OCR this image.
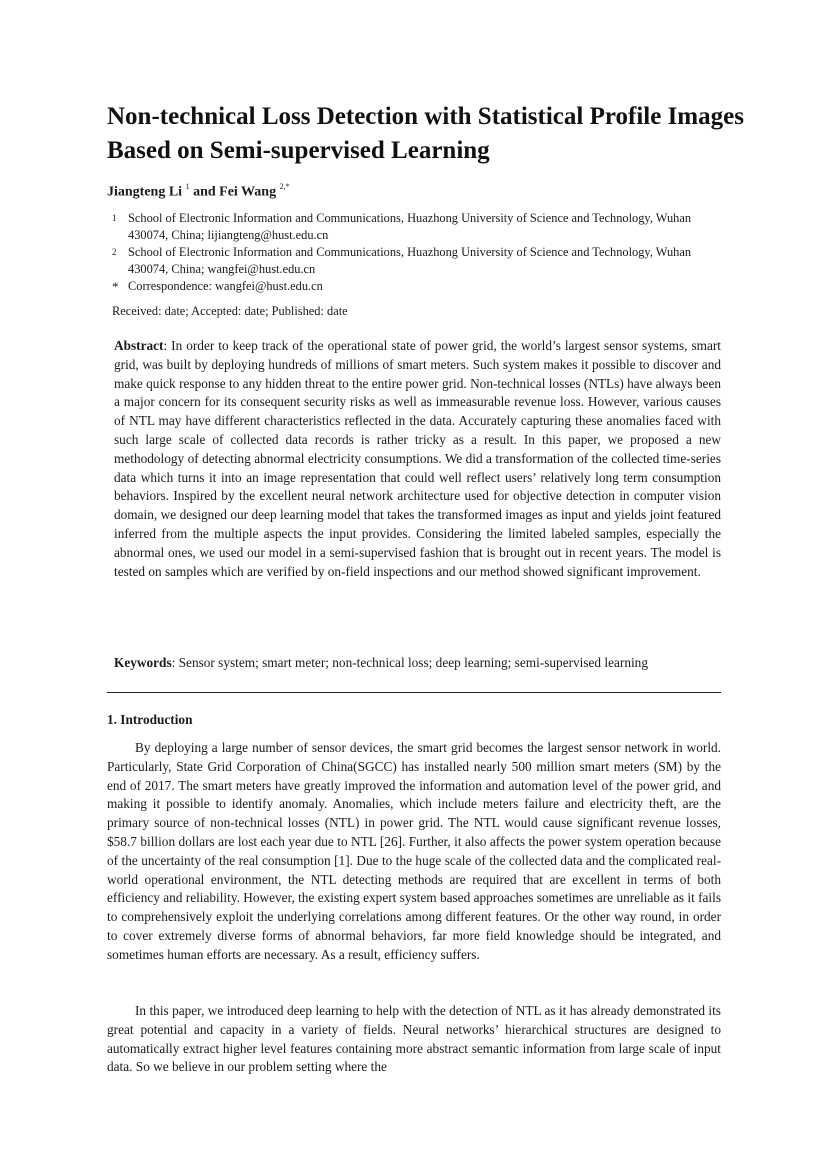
Non-technical Loss Detection with Statistical Profile Images Based on Semi-supervised Learning
Jiangteng Li $^1$ and Fei Wang $^{2,*}$
1 School of Electronic Information and Communications, Huazhong University of Science and Technology, Wuhan 430074, China; lijiangteng@hust.edu.cn
2 School of Electronic Information and Communications, Huazhong University of Science and Technology, Wuhan 430074, China; wangfei@hust.edu.cn
* Correspondence: wangfei@hust.edu.cn
Received: date; Accepted: date; Published: date

Abstract: In order to keep track of the operational state of power grid, the world’s largest sensor systems, smart grid, was built by deploying hundreds of millions of smart meters. Such system makes it possible to discover and make quick response to any hidden threat to the entire power grid. Non-technical losses (NTLs) have always been a major concern for its consequent security risks as well as immeasurable revenue loss. However, various causes of NTL may have different characteristics reflected in the data. Accurately capturing these anomalies faced with such large scale of collected data records is rather tricky as a result. In this paper, we proposed a new methodology of detecting abnormal electricity consumptions. We did a transformation of the collected time-series data which turns it into an image representation that could well reflect users’ relatively long term consumption behaviors. Inspired by the excellent neural network architecture used for objective detection in computer vision domain, we designed our deep learning model that takes the transformed images as input and yields joint featured inferred from the multiple aspects the input provides. Considering the limited labeled samples, especially the abnormal ones, we used our model in a semi-supervised fashion that is brought out in recent years. The model is tested on samples which are verified by on-field inspections and our method showed significant improvement.

Keywords: Sensor system; smart meter; non-technical loss; deep learning; semi-supervised learning

1. Introduction

By deploying a large number of sensor devices, the smart grid becomes the largest sensor network in world. Particularly, State Grid Corporation of China(SGCC) has installed nearly 500 million smart meters (SM) by the end of 2017. The smart meters have greatly improved the information and automation level of the power grid, and making it possible to identify anomaly. Anomalies, which include meters failure and electricity theft, are the primary source of non-technical losses (NTL) in power grid. The NTL would cause significant revenue losses, $58.7 billion dollars are lost each year due to NTL [26]. Further, it also affects the power system operation because of the uncertainty of the real consumption [1]. Due to the huge scale of the collected data and the complicated real-world operational environment, the NTL detecting methods are required that are excellent in terms of both efficiency and reliability. However, the existing expert system based approaches sometimes are unreliable as it fails to comprehensively exploit the underlying correlations among different features. Or the other way round, in order to cover extremely diverse forms of abnormal behaviors, far more field knowledge should be integrated, and sometimes human efforts are necessary. As a result, efficiency suffers.

In this paper, we introduced deep learning to help with the detection of NTL as it has already demonstrated its great potential and capacity in a variety of fields. Neural networks’ hierarchical structures are designed to automatically extract higher level features containing more abstract semantic information from large scale of input data. So we believe in our problem setting where the
